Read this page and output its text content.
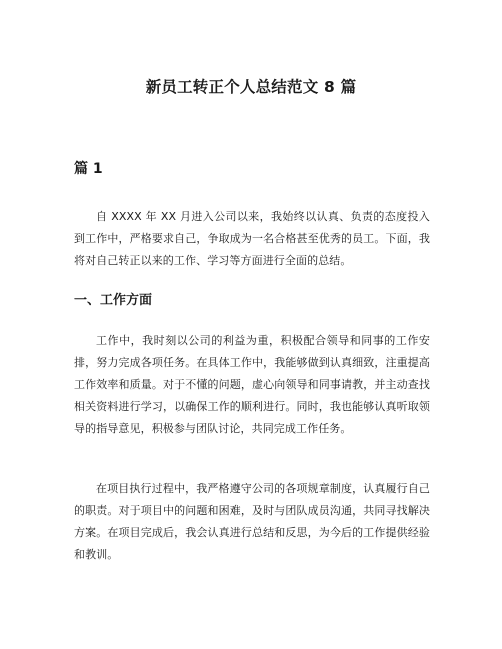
新员工转正个人总结范文 8 篇
篇 1

自 XXXX 年 XX 月进入公司以来，我始终以认真、负责的态度投入到工作中，严格要求自己，争取成为一名合格甚至优秀的员工。下面，我将对自己转正以来的工作、学习等方面进行全面的总结。

一、工作方面

工作中，我时刻以公司的利益为重，积极配合领导和同事的工作安排，努力完成各项任务。在具体工作中，我能够做到认真细致，注重提高工作效率和质量。对于不懂的问题，虚心向领导和同事请教，并主动查找相关资料进行学习，以确保工作的顺利进行。同时，我也能够认真听取领导的指导意见，积极参与团队讨论，共同完成工作任务。

在项目执行过程中，我严格遵守公司的各项规章制度，认真履行自己的职责。对于项目中的问题和困难，及时与团队成员沟通，共同寻找解决方案。在项目完成后，我会认真进行总结和反思，为今后的工作提供经验和教训。
